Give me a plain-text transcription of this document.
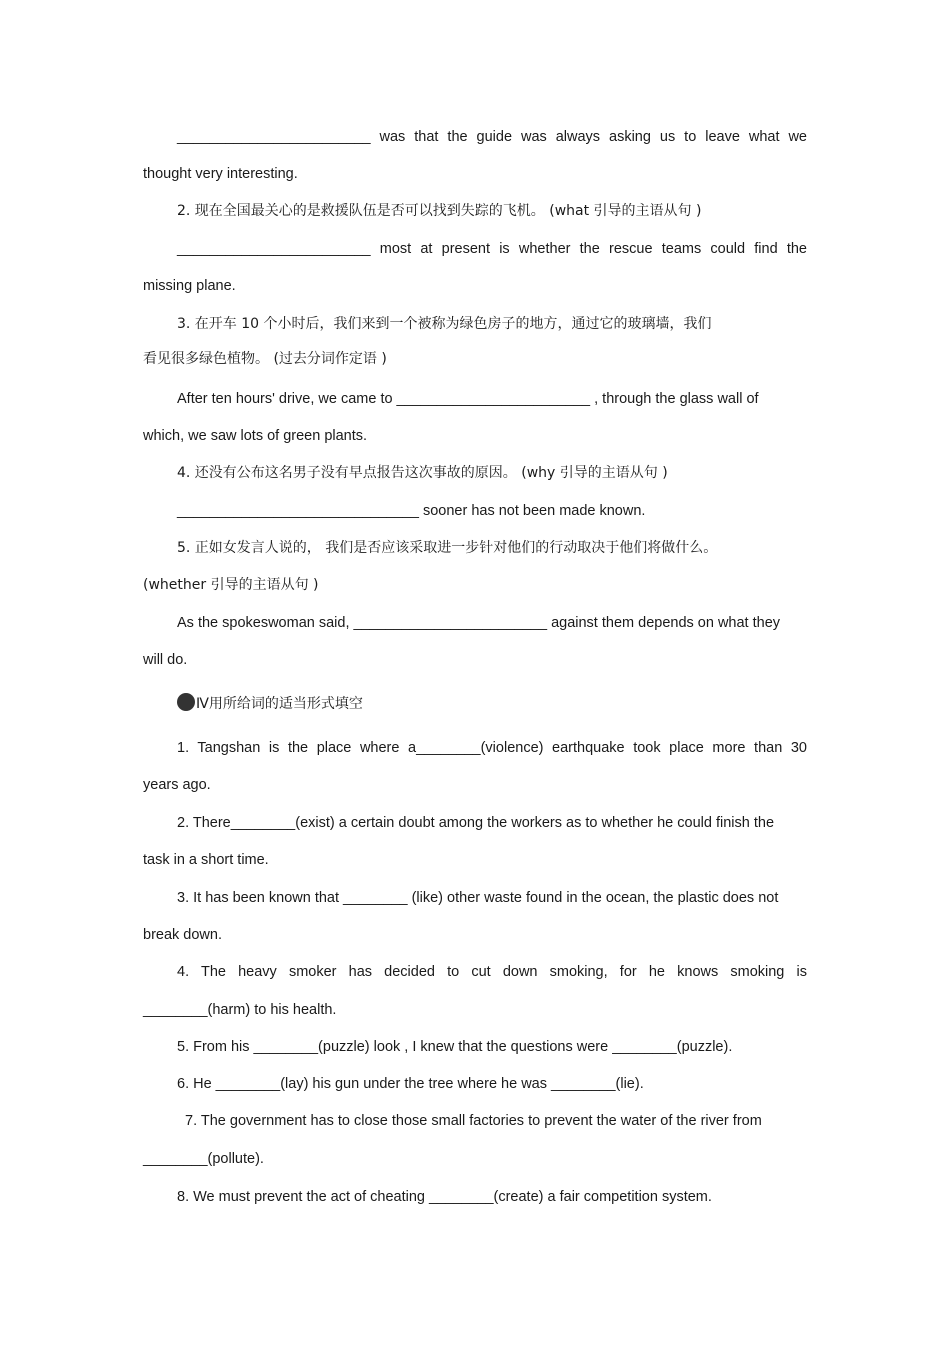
________________________ was that the guide was always asking us to leave what we
thought very interesting.
2. 现在全国最关心的是救援队伍是否可以找到失踪的飞机。 (what 引导的主语从句 )
________________________ most at present is whether the rescue teams could find the
missing plane.
3. 在开车 10 个小时后，我们来到一个被称为绿色房子的地方，通过它的玻璃墙，我们
看见很多绿色植物。 (过去分词作定语 )
After ten hours' drive, we came to ________________________ , through the glass wall of
which, we saw lots of green plants.
4. 还没有公布这名男子没有早点报告这次事故的原因。 (why 引导的主语从句 )
______________________________ sooner has not been made known.
5. 正如女发言人说的， 我们是否应该采取进一步针对他们的行动取决于他们将做什么。
(whether 引导的主语从句 )
As the spokeswoman said, ________________________ against them depends on what they
will do.
Ⅳ用所给词的适当形式填空
1. Tangshan is the place where a________(violence) earthquake took place more than 30
years ago.
2. There________(exist) a certain doubt among the workers as to whether he could finish the
task in a short time.
3. It has been known that ________ (like) other waste found in the ocean, the plastic does not
break down.
4. The heavy smoker has decided to cut down smoking, for he knows smoking is
________(harm) to his health.
5. From his ________(puzzle) look , I knew that the questions were ________(puzzle).
6. He ________(lay) his gun under the tree where he was ________(lie).
7. The government has to close those small factories to prevent the water of the river from
________(pollute).
8. We must prevent the act of cheating ________(create) a fair competition system.
